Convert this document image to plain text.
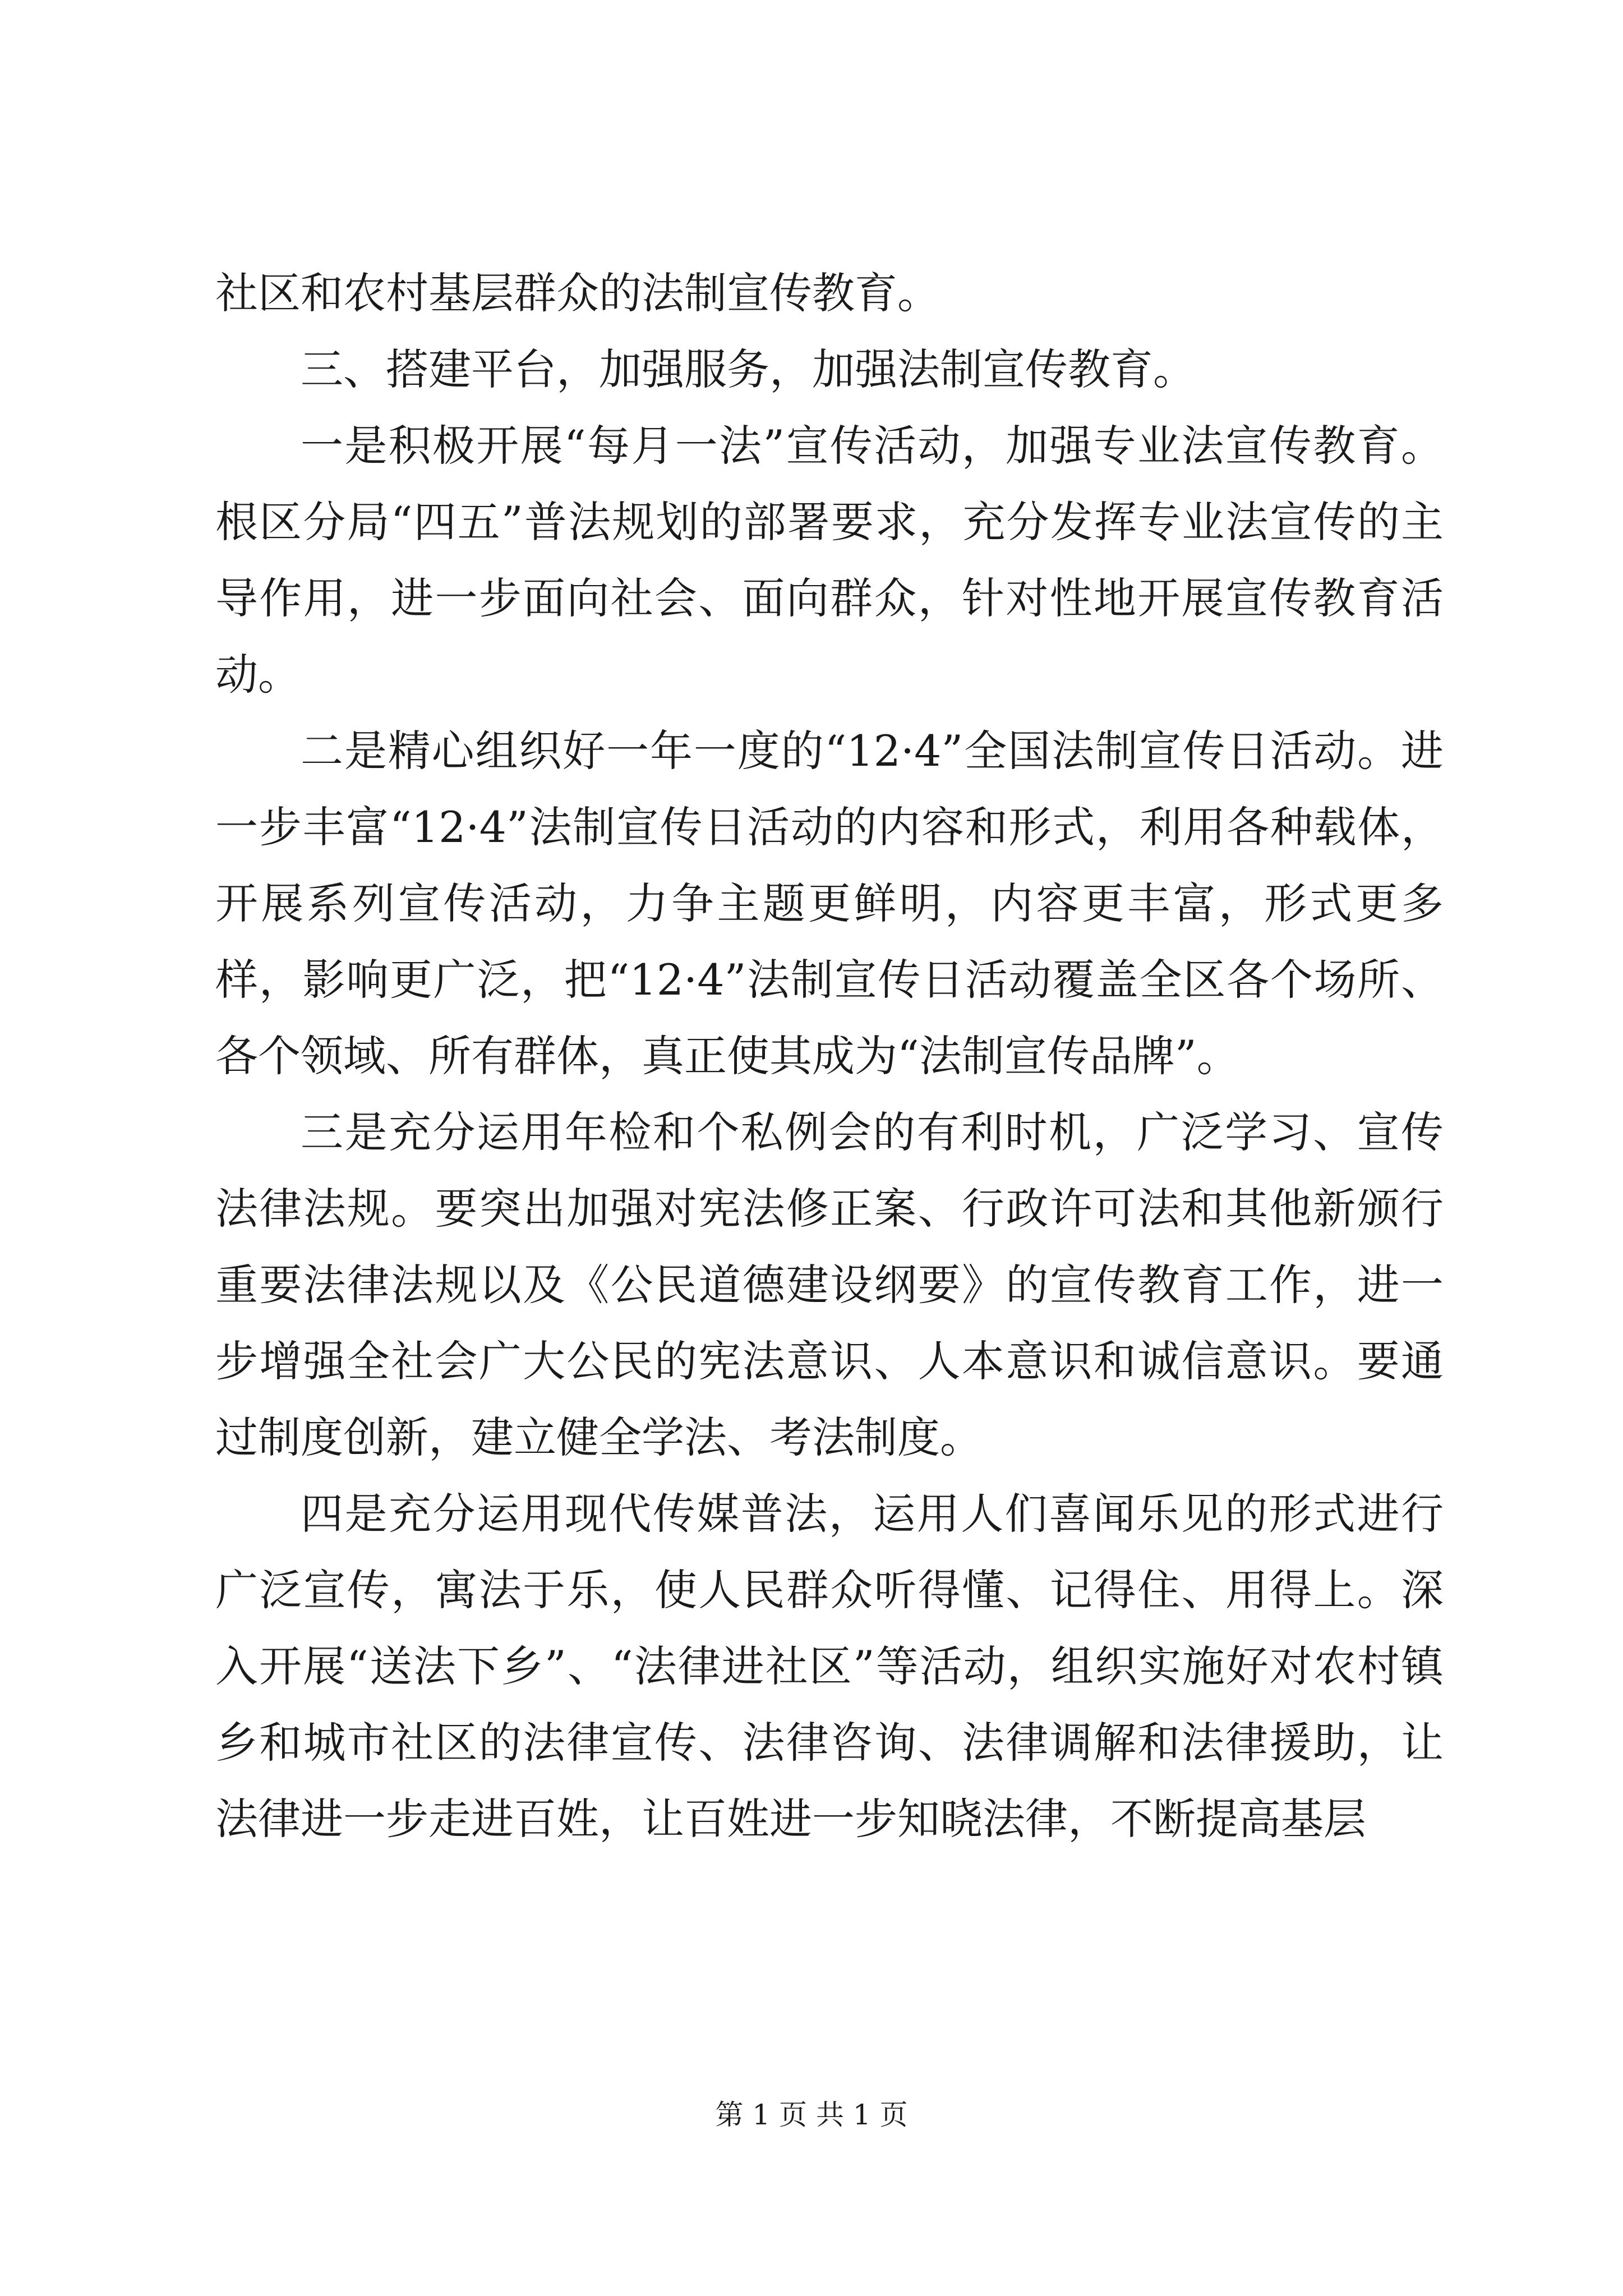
社区和农村基层群众的法制宣传教育。

三、搭建平台，加强服务，加强法制宣传教育。

一是积极开展“每月一法”宣传活动，加强专业法宣传教育。根区分局“四五”普法规划的部署要求，充分发挥专业法宣传的主导作用，进一步面向社会、面向群众，针对性地开展宣传教育活动。

二是精心组织好一年一度的“12·4”全国法制宣传日活动。进一步丰富“12·4”法制宣传日活动的内容和形式，利用各种载体，开展系列宣传活动，力争主题更鲜明，内容更丰富，形式更多样，影响更广泛，把“12·4”法制宣传日活动覆盖全区各个场所、各个领域、所有群体，真正使其成为“法制宣传品牌”。

三是充分运用年检和个私例会的有利时机，广泛学习、宣传法律法规。要突出加强对宪法修正案、行政许可法和其他新颁行重要法律法规以及《公民道德建设纲要》的宣传教育工作，进一步增强全社会广大公民的宪法意识、人本意识和诚信意识。要通过制度创新，建立健全学法、考法制度。

四是充分运用现代传媒普法，运用人们喜闻乐见的形式进行广泛宣传，寓法于乐，使人民群众听得懂、记得住、用得上。深入开展“送法下乡”、“法律进社区”等活动，组织实施好对农村镇乡和城市社区的法律宣传、法律咨询、法律调解和法律援助，让法律进一步走进百姓，让百姓进一步知晓法律，不断提高基层

第 1 页 共 1 页
